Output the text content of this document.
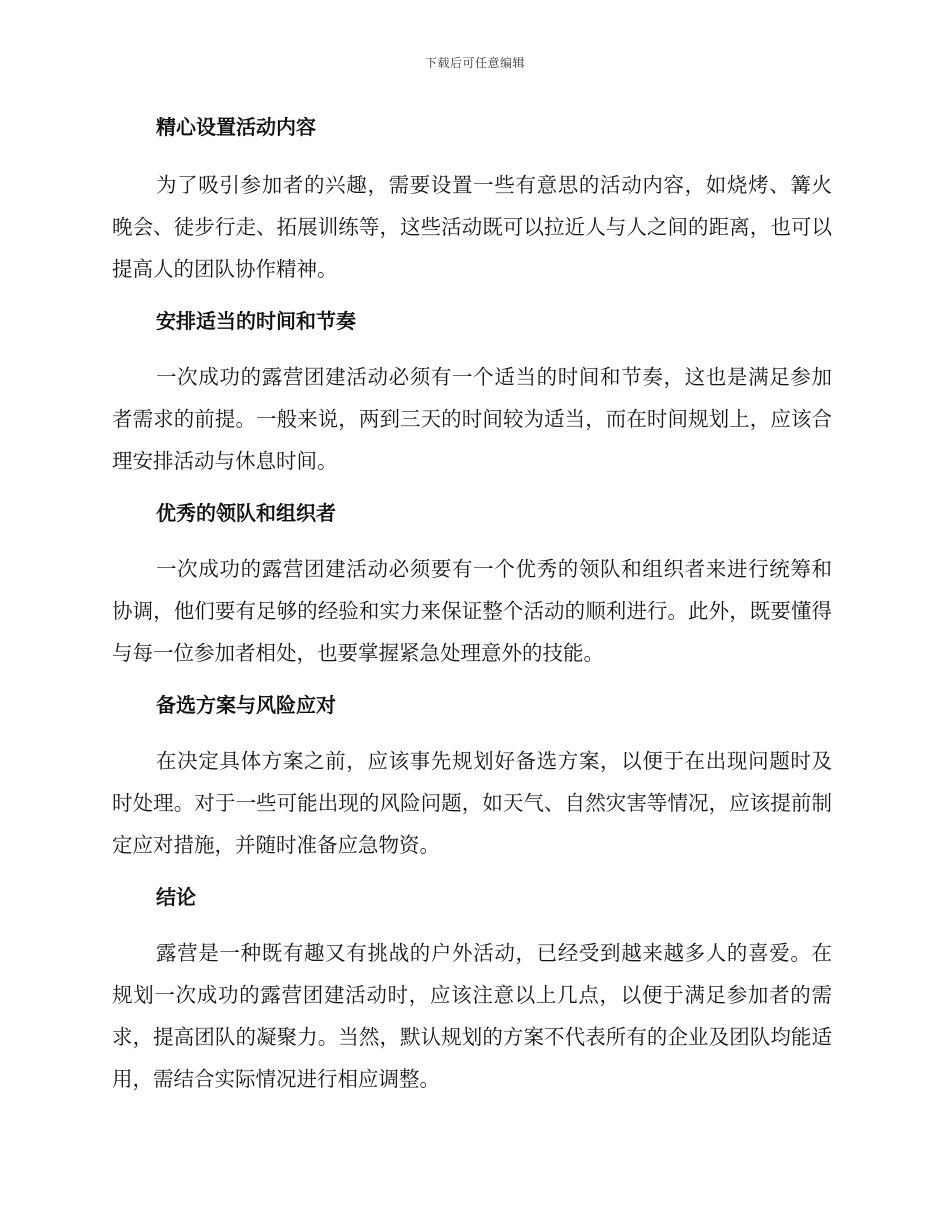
下载后可任意编辑
精心设置活动内容

为了吸引参加者的兴趣，需要设置一些有意思的活动内容，如烧烤、篝火晚会、徒步行走、拓展训练等，这些活动既可以拉近人与人之间的距离，也可以提高人的团队协作精神。

安排适当的时间和节奏

一次成功的露营团建活动必须有一个适当的时间和节奏，这也是满足参加者需求的前提。一般来说，两到三天的时间较为适当，而在时间规划上，应该合理安排活动与休息时间。

优秀的领队和组织者

一次成功的露营团建活动必须要有一个优秀的领队和组织者来进行统筹和协调，他们要有足够的经验和实力来保证整个活动的顺利进行。此外，既要懂得与每一位参加者相处，也要掌握紧急处理意外的技能。

备选方案与风险应对

在决定具体方案之前，应该事先规划好备选方案，以便于在出现问题时及时处理。对于一些可能出现的风险问题，如天气、自然灾害等情况，应该提前制定应对措施，并随时准备应急物资。

结论

露营是一种既有趣又有挑战的户外活动，已经受到越来越多人的喜爱。在规划一次成功的露营团建活动时，应该注意以上几点，以便于满足参加者的需求，提高团队的凝聚力。当然，默认规划的方案不代表所有的企业及团队均能适用，需结合实际情况进行相应调整。
